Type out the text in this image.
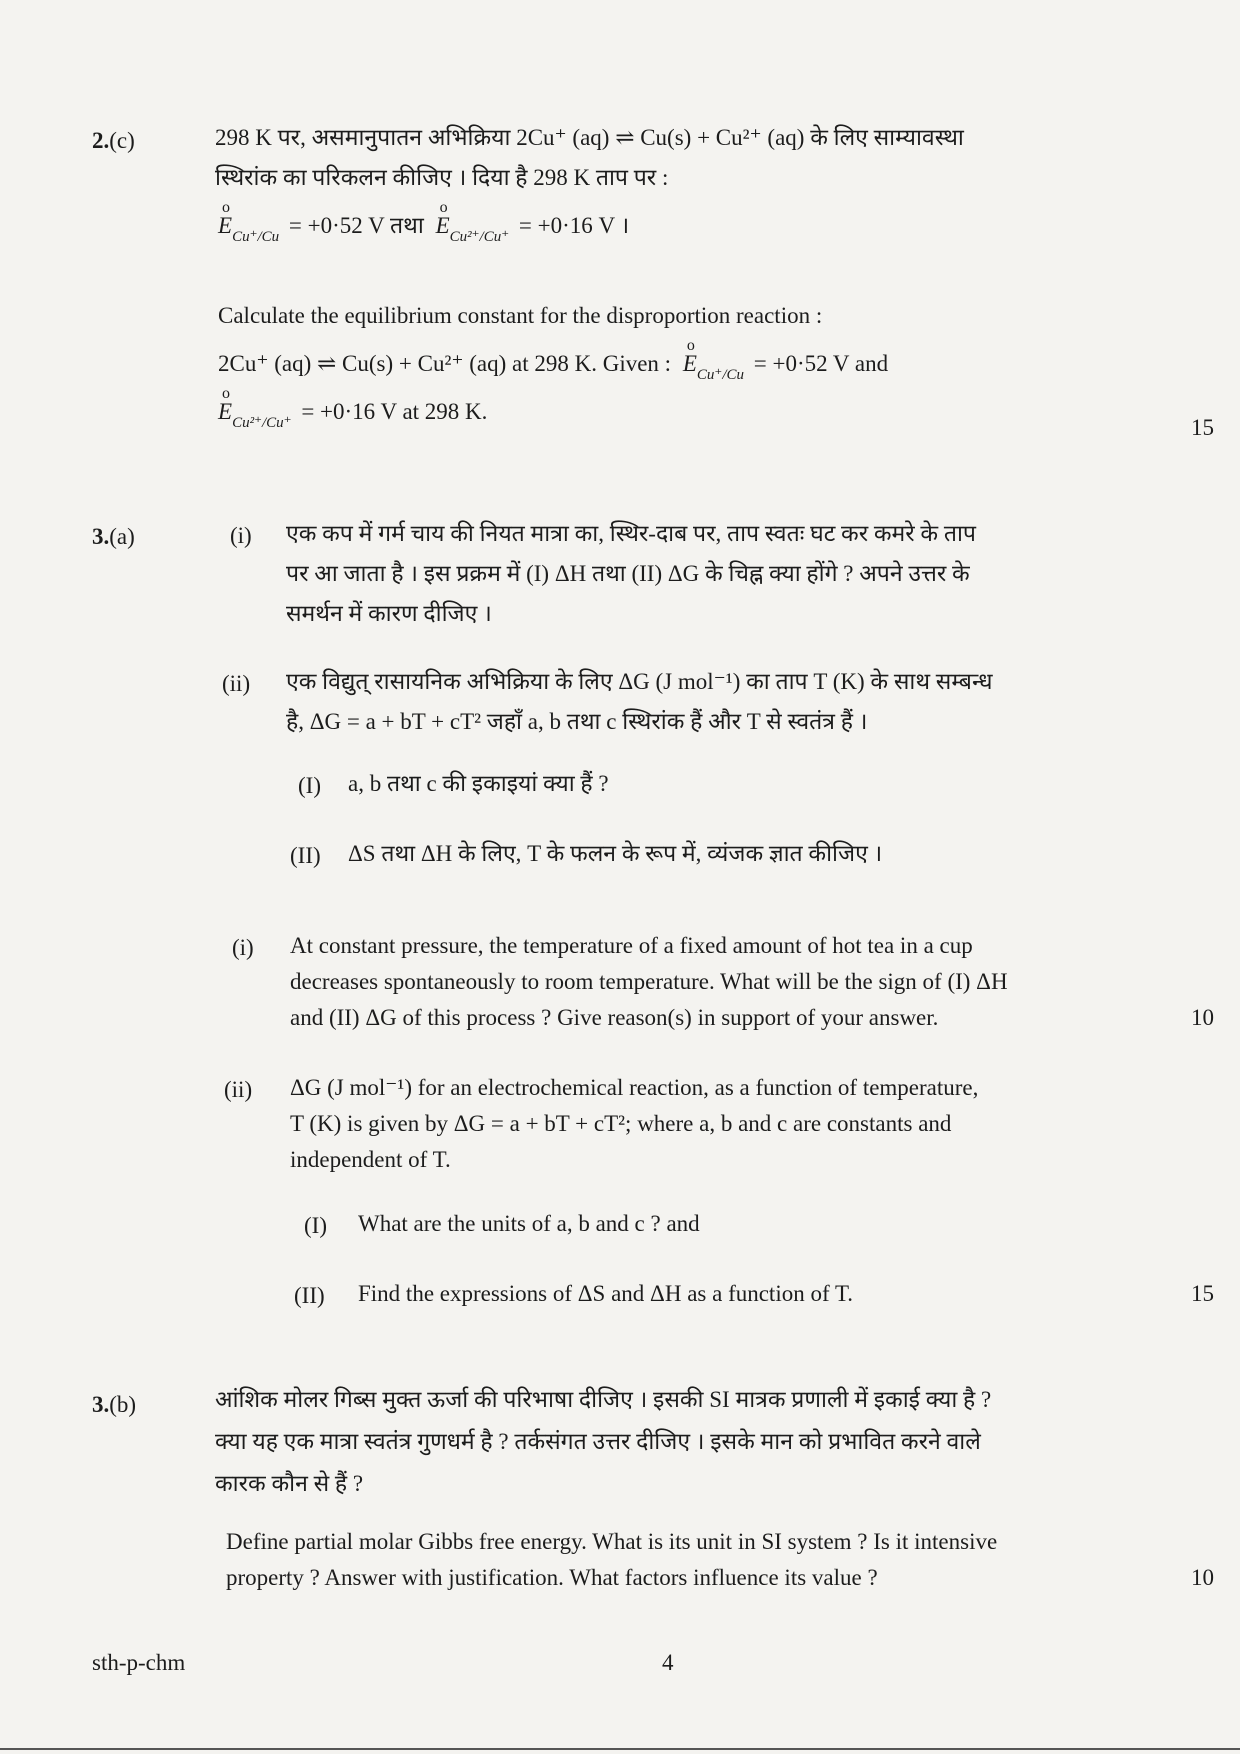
2.(c)	298 K पर, असमानुपातन अभिक्रिया 2Cu⁺ (aq) ⇌ Cu(s) + Cu²⁺ (aq) के लिए साम्यावस्था
स्थिरांक का परिकलन कीजिए । दिया है 298 K ताप पर :
o
$E_{Cu^+/Cu} = +0\cdot 52$ V तथा
o
$E_{Cu^{2+}/Cu^+} = +0\cdot 16$ V ।
Calculate the equilibrium constant for the disproportion reaction :
2Cu⁺ (aq) ⇌ Cu(s) + Cu²⁺ (aq) at 298 K. Given :
o
$E_{Cu^+/Cu} = +0\cdot 52$ V and
o
$E_{Cu^{2+}/Cu^+} = +0\cdot 16$ V at 298 K.
15
3.(a)	(i) एक कप में गर्म चाय की नियत मात्रा का, स्थिर-दाब पर, ताप स्वतः घट कर कमरे के ताप
पर आ जाता है । इस प्रक्रम में (I) ΔH तथा (II) ΔG के चिह्न क्या होंगे ? अपने उत्तर के
समर्थन में कारण दीजिए ।
(ii) एक विद्युत् रासायनिक अभिक्रिया के लिए ΔG (J mol⁻¹) का ताप T (K) के साथ सम्बन्ध
है, ΔG = a + bT + cT² जहाँ a, b तथा c स्थिरांक हैं और T से स्वतंत्र हैं ।
(I) a, b तथा c की इकाइयां क्या हैं ?
(II) ΔS तथा ΔH के लिए, T के फलन के रूप में, व्यंजक ज्ञात कीजिए ।
(i) At constant pressure, the temperature of a fixed amount of hot tea in a cup
decreases spontaneously to room temperature. What will be the sign of (I) ΔH
and (II) ΔG of this process ? Give reason(s) in support of your answer.	10
(ii) ΔG (J mol⁻¹) for an electrochemical reaction, as a function of temperature,
T (K) is given by ΔG = a + bT + cT²; where a, b and c are constants and
independent of T.
(I) What are the units of a, b and c ? and
(II) Find the expressions of ΔS and ΔH as a function of T.	15
3.(b)	आंशिक मोलर गिब्स मुक्त ऊर्जा की परिभाषा दीजिए । इसकी SI मात्रक प्रणाली में इकाई क्या है ?
क्या यह एक मात्रा स्वतंत्र गुणधर्म है ? तर्कसंगत उत्तर दीजिए । इसके मान को प्रभावित करने वाले
कारक कौन से हैं ?
Define partial molar Gibbs free energy. What is its unit in SI system ? Is it intensive
property ? Answer with justification. What factors influence its value ?	10
sth-p-chm	4
